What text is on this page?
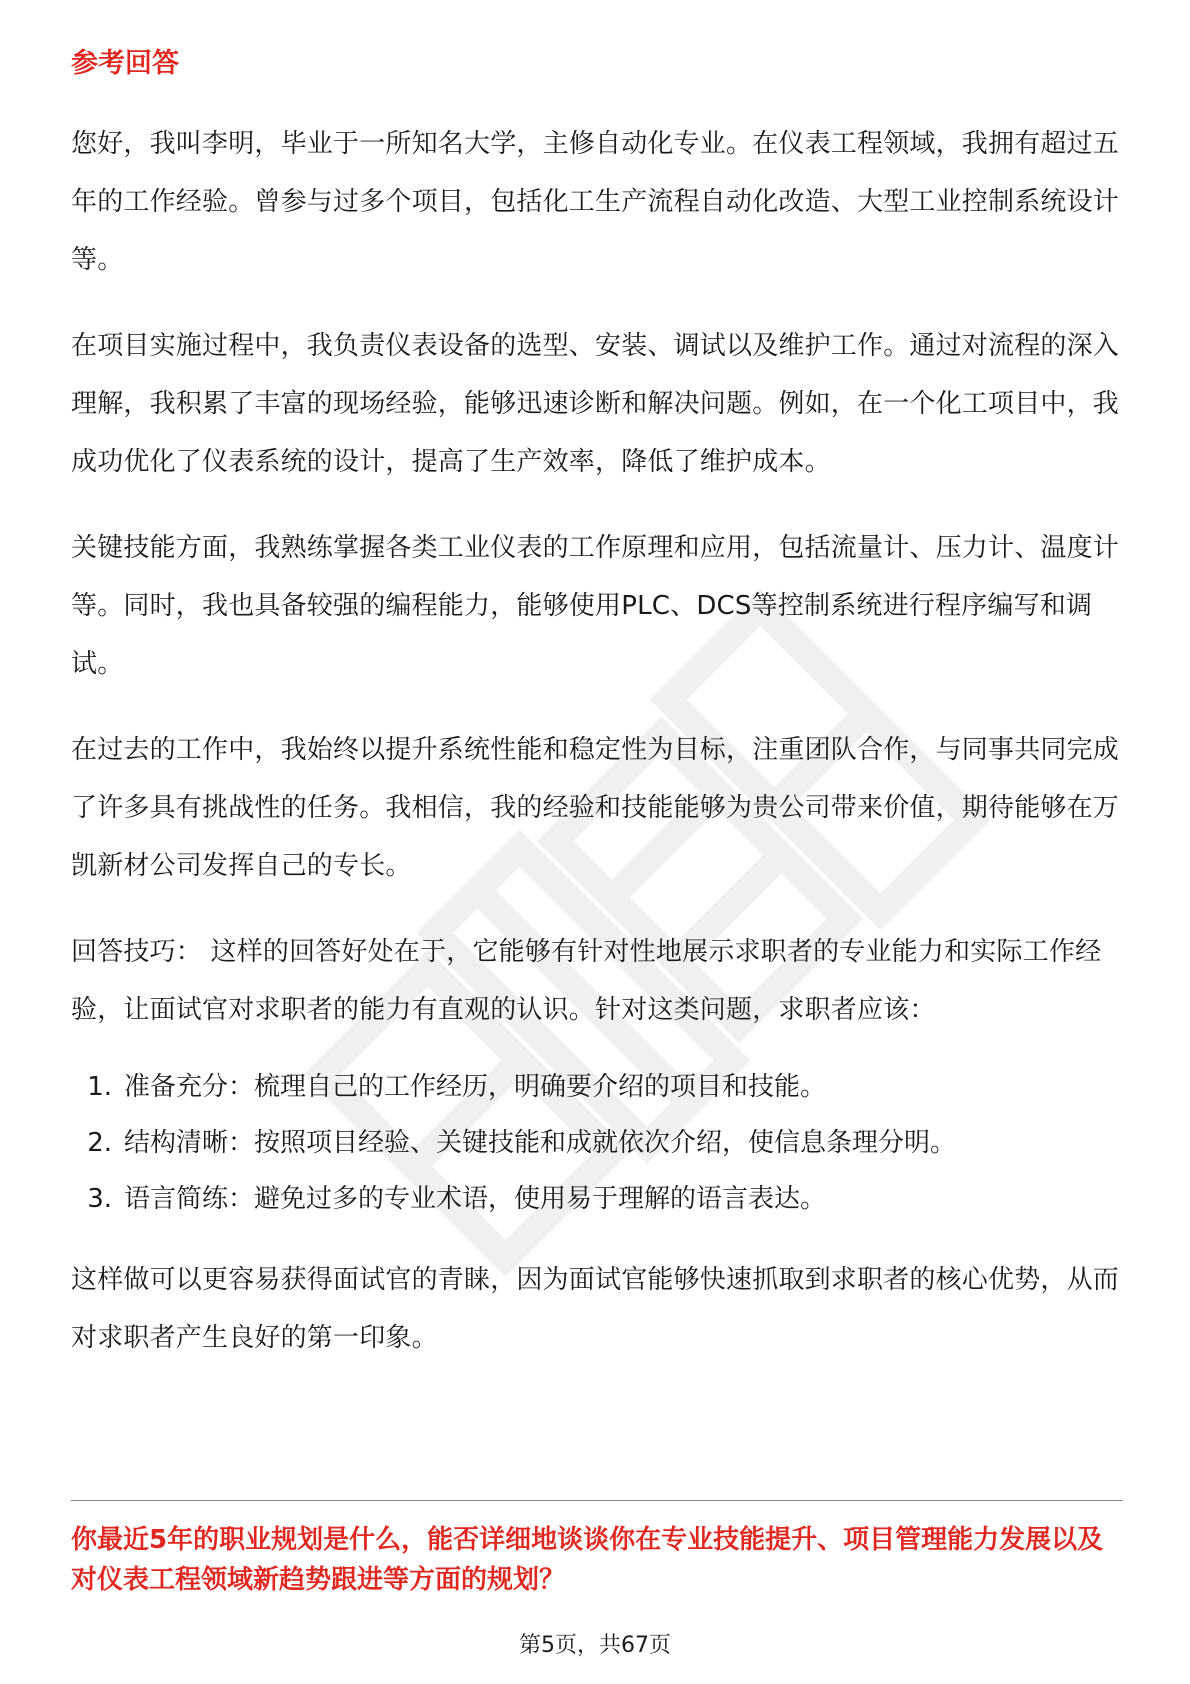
参考回答

您好，我叫李明，毕业于一所知名大学，主修自动化专业。在仪表工程领域，我拥有超过五年的工作经验。曾参与过多个项目，包括化工生产流程自动化改造、大型工业控制系统设计等。

在项目实施过程中，我负责仪表设备的选型、安装、调试以及维护工作。通过对流程的深入理解，我积累了丰富的现场经验，能够迅速诊断和解决问题。例如，在一个化工项目中，我成功优化了仪表系统的设计，提高了生产效率，降低了维护成本。

关键技能方面，我熟练掌握各类工业仪表的工作原理和应用，包括流量计、压力计、温度计等。同时，我也具备较强的编程能力，能够使用PLC、DCS等控制系统进行程序编写和调试。

在过去的工作中，我始终以提升系统性能和稳定性为目标，注重团队合作，与同事共同完成了许多具有挑战性的任务。我相信，我的经验和技能能够为贵公司带来价值，期待能够在万凯新材公司发挥自己的专长。

回答技巧： 这样的回答好处在于，它能够有针对性地展示求职者的专业能力和实际工作经验，让面试官对求职者的能力有直观的认识。针对这类问题，求职者应该：

1. 准备充分：梳理自己的工作经历，明确要介绍的项目和技能。
2. 结构清晰：按照项目经验、关键技能和成就依次介绍，使信息条理分明。
3. 语言简练：避免过多的专业术语，使用易于理解的语言表达。

这样做可以更容易获得面试官的青睐，因为面试官能够快速抓取到求职者的核心优势，从而对求职者产生良好的第一印象。

你最近5年的职业规划是什么，能否详细地谈谈你在专业技能提升、项目管理能力发展以及对仪表工程领域新趋势跟进等方面的规划？
第5页，共67页
